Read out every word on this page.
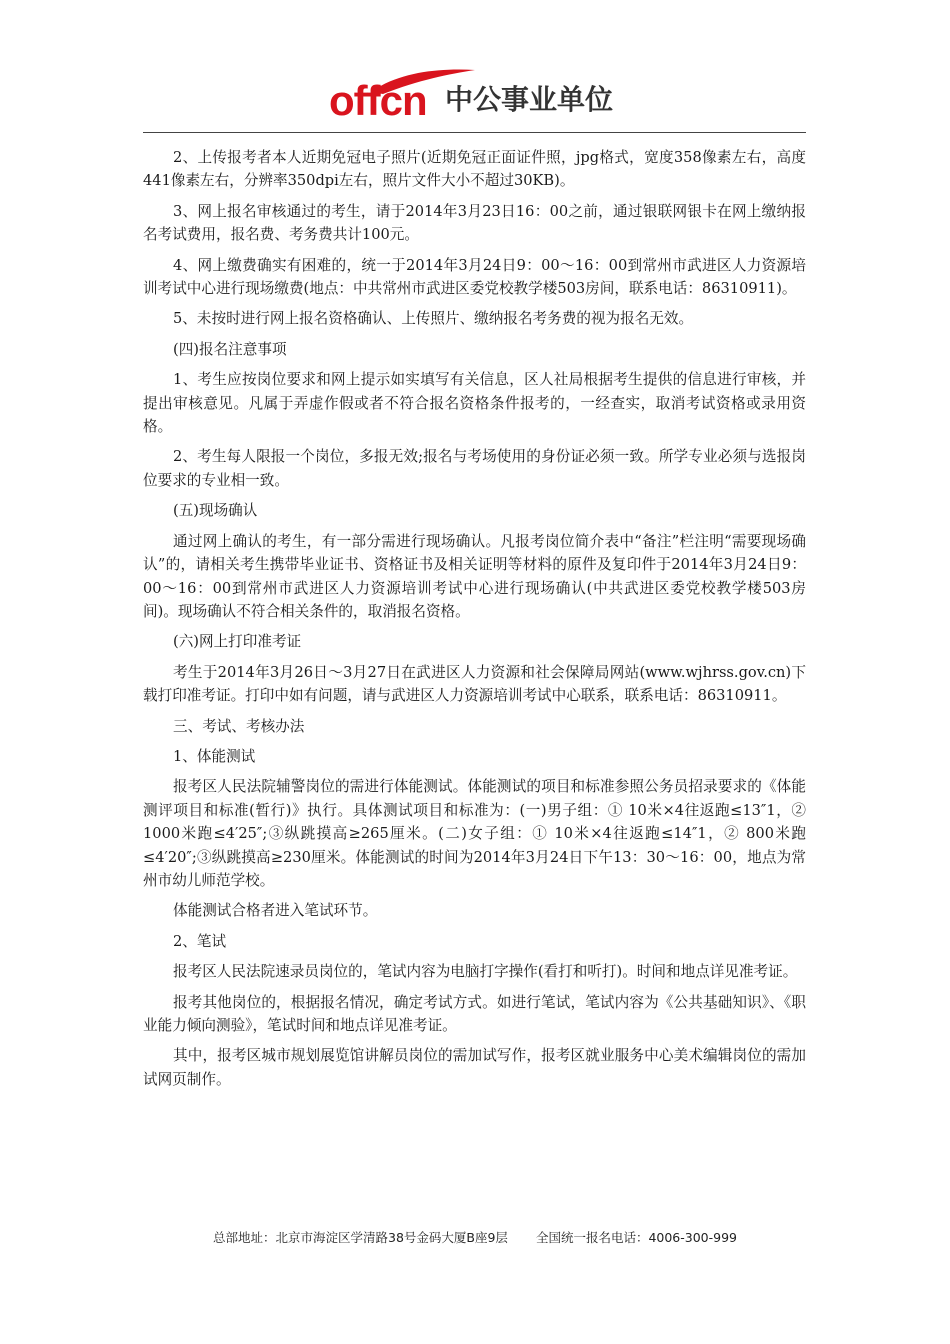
offcn 中公事业单位

2、上传报考者本人近期免冠电子照片(近期免冠正面证件照，jpg格式，宽度358像素左右，高度441像素左右，分辨率350dpi左右，照片文件大小不超过30KB)。

3、网上报名审核通过的考生，请于2014年3月23日16：00之前，通过银联网银卡在网上缴纳报名考试费用，报名费、考务费共计100元。

4、网上缴费确实有困难的，统一于2014年3月24日9：00～16：00到常州市武进区人力资源培训考试中心进行现场缴费(地点：中共常州市武进区委党校教学楼503房间，联系电话：86310911)。

5、未按时进行网上报名资格确认、上传照片、缴纳报名考务费的视为报名无效。

(四)报名注意事项

1、考生应按岗位要求和网上提示如实填写有关信息，区人社局根据考生提供的信息进行审核，并提出审核意见。凡属于弄虚作假或者不符合报名资格条件报考的，一经查实，取消考试资格或录用资格。

2、考生每人限报一个岗位，多报无效;报名与考场使用的身份证必须一致。所学专业必须与选报岗位要求的专业相一致。

(五)现场确认

通过网上确认的考生，有一部分需进行现场确认。凡报考岗位简介表中“备注”栏注明“需要现场确认”的，请相关考生携带毕业证书、资格证书及相关证明等材料的原件及复印件于2014年3月24日9：00～16：00到常州市武进区人力资源培训考试中心进行现场确认(中共武进区委党校教学楼503房间)。现场确认不符合相关条件的，取消报名资格。

(六)网上打印准考证

考生于2014年3月26日～3月27日在武进区人力资源和社会保障局网站(www.wjhrss.gov.cn)下载打印准考证。打印中如有问题，请与武进区人力资源培训考试中心联系，联系电话：86310911。

三、考试、考核办法

1、体能测试

报考区人民法院辅警岗位的需进行体能测试。体能测试的项目和标准参照公务员招录要求的《体能测评项目和标准(暂行)》执行。具体测试项目和标准为：(一)男子组：① 10米×4往返跑≤13″1，② 1000米跑≤4′25″;③纵跳摸高≥265厘米。(二)女子组：① 10米×4往返跑≤14″1，② 800米跑≤4′20″;③纵跳摸高≥230厘米。体能测试的时间为2014年3月24日下午13：30～16：00，地点为常州市幼儿师范学校。

体能测试合格者进入笔试环节。

2、笔试

报考区人民法院速录员岗位的，笔试内容为电脑打字操作(看打和听打)。时间和地点详见准考证。

报考其他岗位的，根据报名情况，确定考试方式。如进行笔试，笔试内容为《公共基础知识》、《职业能力倾向测验》，笔试时间和地点详见准考证。

其中，报考区城市规划展览馆讲解员岗位的需加试写作，报考区就业服务中心美术编辑岗位的需加试网页制作。

总部地址：北京市海淀区学清路38号金码大厦B座9层 全国统一报名电话：4006-300-999
